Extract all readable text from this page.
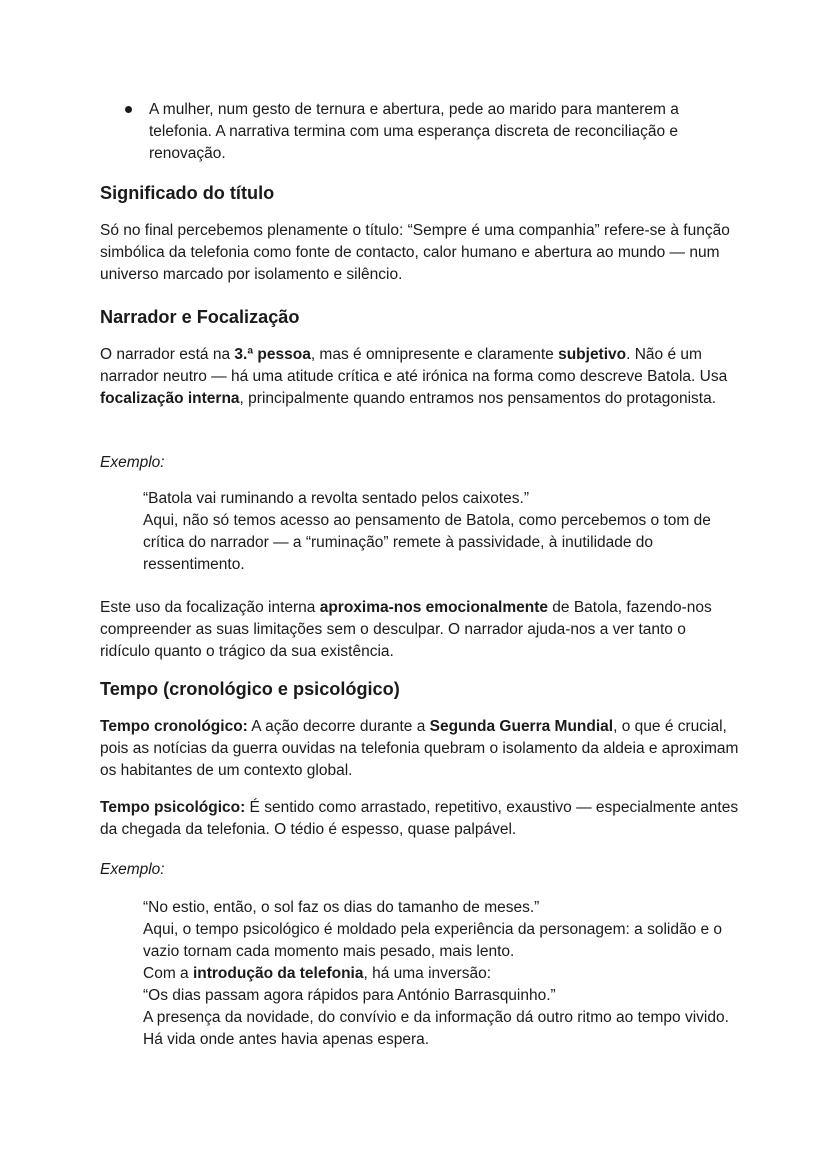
A mulher, num gesto de ternura e abertura, pede ao marido para manterem a telefonia. A narrativa termina com uma esperança discreta de reconciliação e renovação.

Significado do título

Só no final percebemos plenamente o título: “Sempre é uma companhia” refere-se à função simbólica da telefonia como fonte de contacto, calor humano e abertura ao mundo — num universo marcado por isolamento e silêncio.

Narrador e Focalização

O narrador está na 3.ª pessoa, mas é omnipresente e claramente subjetivo. Não é um narrador neutro — há uma atitude crítica e até irónica na forma como descreve Batola. Usa focalização interna, principalmente quando entramos nos pensamentos do protagonista.

Exemplo:

“Batola vai ruminando a revolta sentado pelos caixotes.”

Aqui, não só temos acesso ao pensamento de Batola, como percebemos o tom de crítica do narrador — a “ruminação” remete à passividade, à inutilidade do ressentimento.

Este uso da focalização interna aproxima-nos emocionalmente de Batola, fazendo-nos compreender as suas limitações sem o desculpar. O narrador ajuda-nos a ver tanto o ridículo quanto o trágico da sua existência.

Tempo (cronológico e psicológico)

Tempo cronológico: A ação decorre durante a Segunda Guerra Mundial, o que é crucial, pois as notícias da guerra ouvidas na telefonia quebram o isolamento da aldeia e aproximam os habitantes de um contexto global.

Tempo psicológico: É sentido como arrastado, repetitivo, exaustivo — especialmente antes da chegada da telefonia. O tédio é espesso, quase palpável.

Exemplo:

“No estio, então, o sol faz os dias do tamanho de meses.”

Aqui, o tempo psicológico é moldado pela experiência da personagem: a solidão e o vazio tornam cada momento mais pesado, mais lento.

Com a introdução da telefonia, há uma inversão:

“Os dias passam agora rápidos para António Barrasquinho.”

A presença da novidade, do convívio e da informação dá outro ritmo ao tempo vivido. Há vida onde antes havia apenas espera.
